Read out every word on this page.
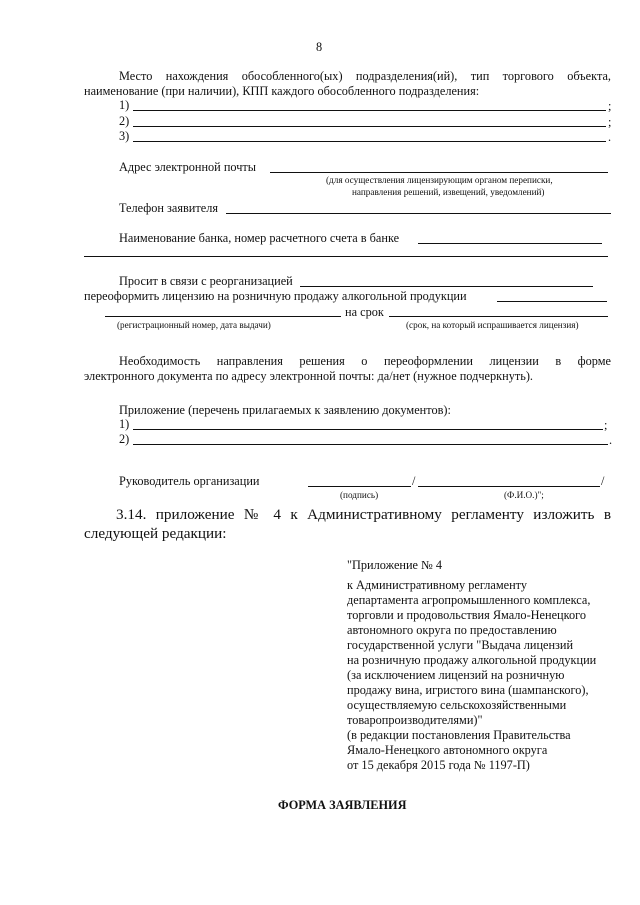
8
Место нахождения обособленного(ых) подразделения(ий), тип торгового объекта,
наименование (при наличии), КПП каждого обособленного подразделения:
1)	;
2)	;
3)	.
Адрес электронной почты
(для осуществления лицензирующим органом переписки,
направления решений, извещений, уведомлений)
Телефон заявителя
Наименование банка, номер расчетного счета в банке
Просит в связи с реорганизацией
переоформить лицензию на розничную продажу алкогольной продукции
на срок
(регистрационный номер, дата выдачи)	(срок, на который испрашивается лицензия)
Необходимость направления решения о переоформлении лицензии в форме
электронного документа по адресу электронной почты: да/нет (нужное подчеркнуть).
Приложение (перечень прилагаемых к заявлению документов):
1)	;
2)	.
Руководитель организации	/	/
(подпись)	(Ф.И.О.)";
3.14. приложение № 4 к Административному регламенту изложить в
следующей редакции:
"Приложение № 4
к Административному регламенту
департамента агропромышленного комплекса,
торговли и продовольствия Ямало-Ненецкого
автономного округа по предоставлению
государственной услуги "Выдача лицензий
на розничную продажу алкогольной продукции
(за исключением лицензий на розничную
продажу вина, игристого вина (шампанского),
осуществляемую сельскохозяйственными
товаропроизводителями)"
(в редакции постановления Правительства
Ямало-Ненецкого автономного округа
от 15 декабря 2015 года № 1197-П)
ФОРМА ЗАЯВЛЕНИЯ
